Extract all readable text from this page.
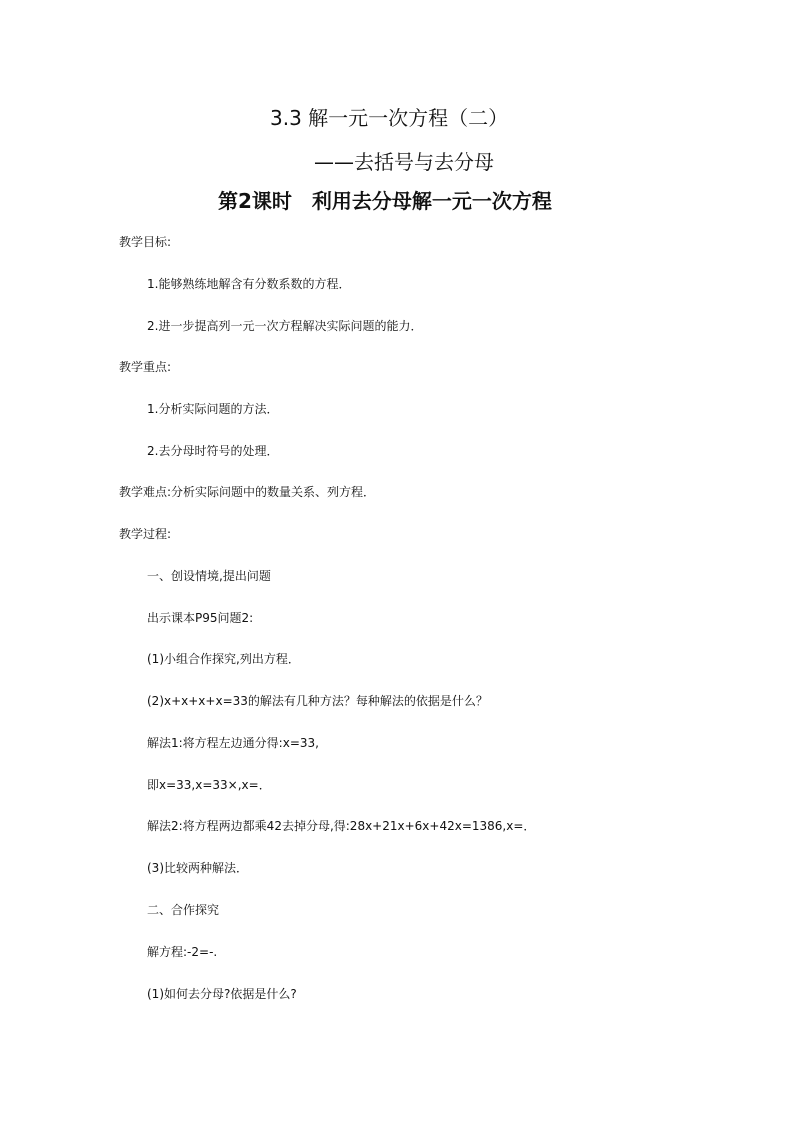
3.3 解一元一次方程（二）
——去括号与去分母
第2课时　利用去分母解一元一次方程
教学目标:
1.能够熟练地解含有分数系数的方程．
2.进一步提高列一元一次方程解决实际问题的能力．
教学重点:
1.分析实际问题的方法．
2.去分母时符号的处理．
教学难点:分析实际问题中的数量关系、列方程．
教学过程:
一、创设情境,提出问题
出示课本P95问题2:
(1)小组合作探究,列出方程．
(2)x+x+x+x=33的解法有几种方法？每种解法的依据是什么？
解法1:将方程左边通分得:x=33,
即x=33,x=33×,x=．
解法2:将方程两边都乘42去掉分母,得:28x+21x+6x+42x=1386,x=．
(3)比较两种解法．
二、合作探究
解方程:-2=-.
(1)如何去分母?依据是什么?
